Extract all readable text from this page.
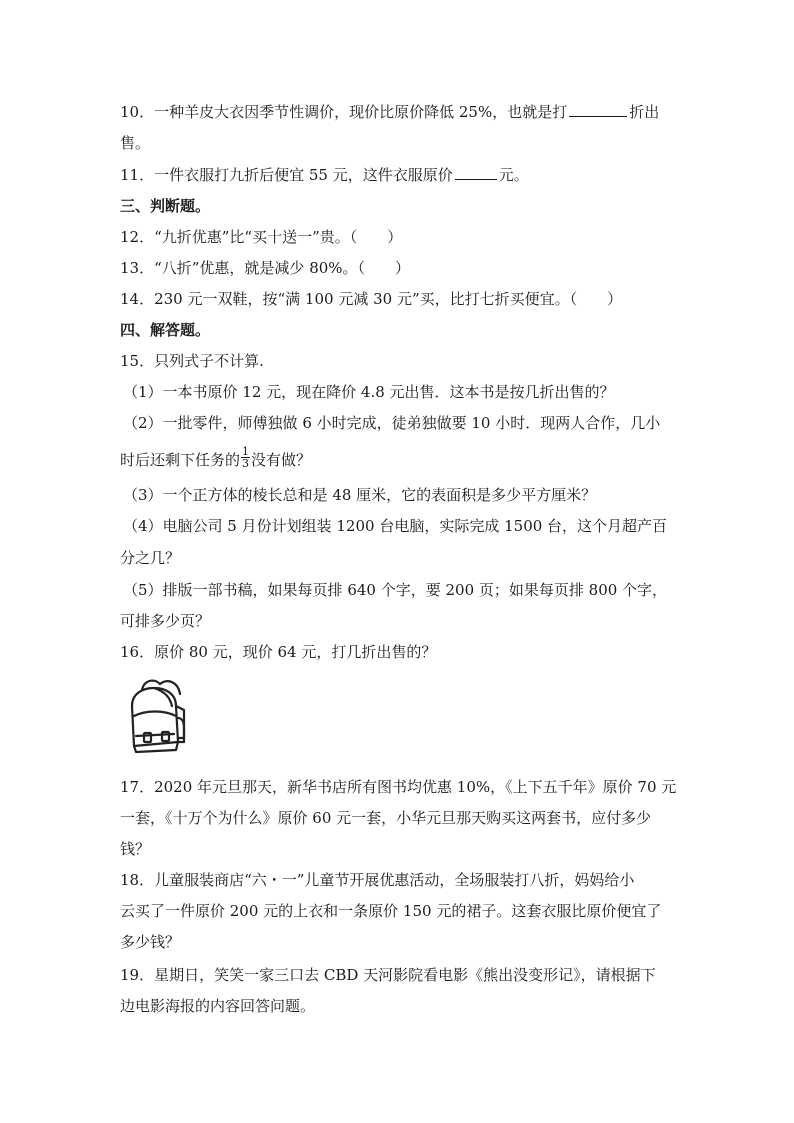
10．一种羊皮大衣因季节性调价，现价比原价降低 25%，也就是打	折出
售。
11．一件衣服打九折后便宜 55 元，这件衣服原价	元。
三、判断题。
12．“九折优惠”比“买十送一”贵。（　　）
13．“八折”优惠，就是减少 80%。（　　）
14．230 元一双鞋，按“满 100 元减 30 元”买，比打七折买便宜。（　　）
四、解答题。
15．只列式子不计算.
（1）一本书原价 12 元，现在降价 4.8 元出售．这本书是按几折出售的？
（2）一批零件，师傅独做 6 小时完成，徒弟独做要 10 小时．现两人合作，几小
时后还剩下任务的 $\frac{1}{3}$ 没有做？
（3）一个正方体的棱长总和是 48 厘米，它的表面积是多少平方厘米？
（4）电脑公司 5 月份计划组装 1200 台电脑，实际完成 1500 台，这个月超产百
分之几？
（5）排版一部书稿，如果每页排 640 个字，要 200 页；如果每页排 800 个字，
可排多少页？
16．原价 80 元，现价 64 元，打几折出售的？
17．2020 年元旦那天，新华书店所有图书均优惠 10%，《上下五千年》原价 70 元
一套，《十万个为什么》原价 60 元一套，小华元旦那天购买这两套书，应付多少
钱？
18．儿童服装商店“六・一”儿童节开展优惠活动，全场服装打八折，妈妈给小
云买了一件原价 200 元的上衣和一条原价 150 元的裙子。这套衣服比原价便宜了
多少钱？
19．星期日，笑笑一家三口去 CBD 天河影院看电影《熊出没变形记》，请根据下
边电影海报的内容回答问题。
